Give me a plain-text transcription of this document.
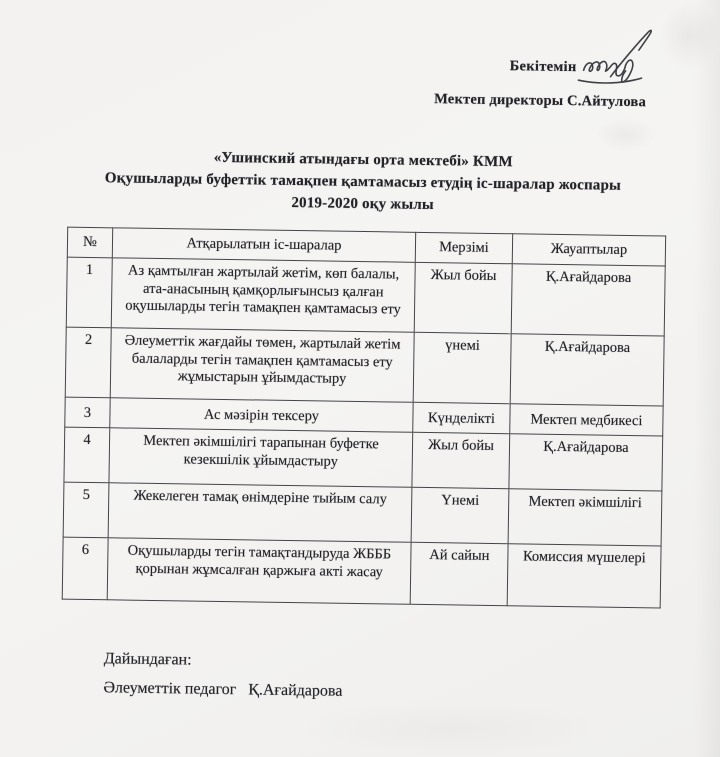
Бекітемін
Мектеп директоры С.Айтулова
«Ушинский атындағы орта мектебі» КММ
Оқушыларды буфеттік тамақпен қамтамасыз етудің іс-шаралар жоспары
2019-2020 оқу жылы
№	Атқарылатын іс-шаралар	Мерзімі	Жауаптылар
1	Аз қамтылған жартылай жетім, көп балалы, ата-анасының қамқорлығынсыз қалған оқушыларды тегін тамақпен қамтамасыз ету	Жыл бойы	Қ.Ағайдарова
2	Әлеуметтік жағдайы төмен, жартылай жетім балаларды тегін тамақпен қамтамасыз ету жұмыстарын ұйымдастыру	үнемі	Қ.Ағайдарова
3	Ас мәзірін тексеру	Күнделікті	Мектеп медбикесі
4	Мектеп әкімшілігі тарапынан буфетке кезекшілік ұйымдастыру	Жыл бойы	Қ.Ағайдарова
5	Жекелеген тамақ өнімдеріне тыйым салу	Үнемі	Мектеп әкімшілігі
6	Оқушыларды тегін тамақтандыруда ЖБББ қорынан жұмсалған қаржыға акті жасау	Ай сайын	Комиссия мүшелері
Дайындаған:
Әлеуметтік педагог   Қ.Ағайдарова
